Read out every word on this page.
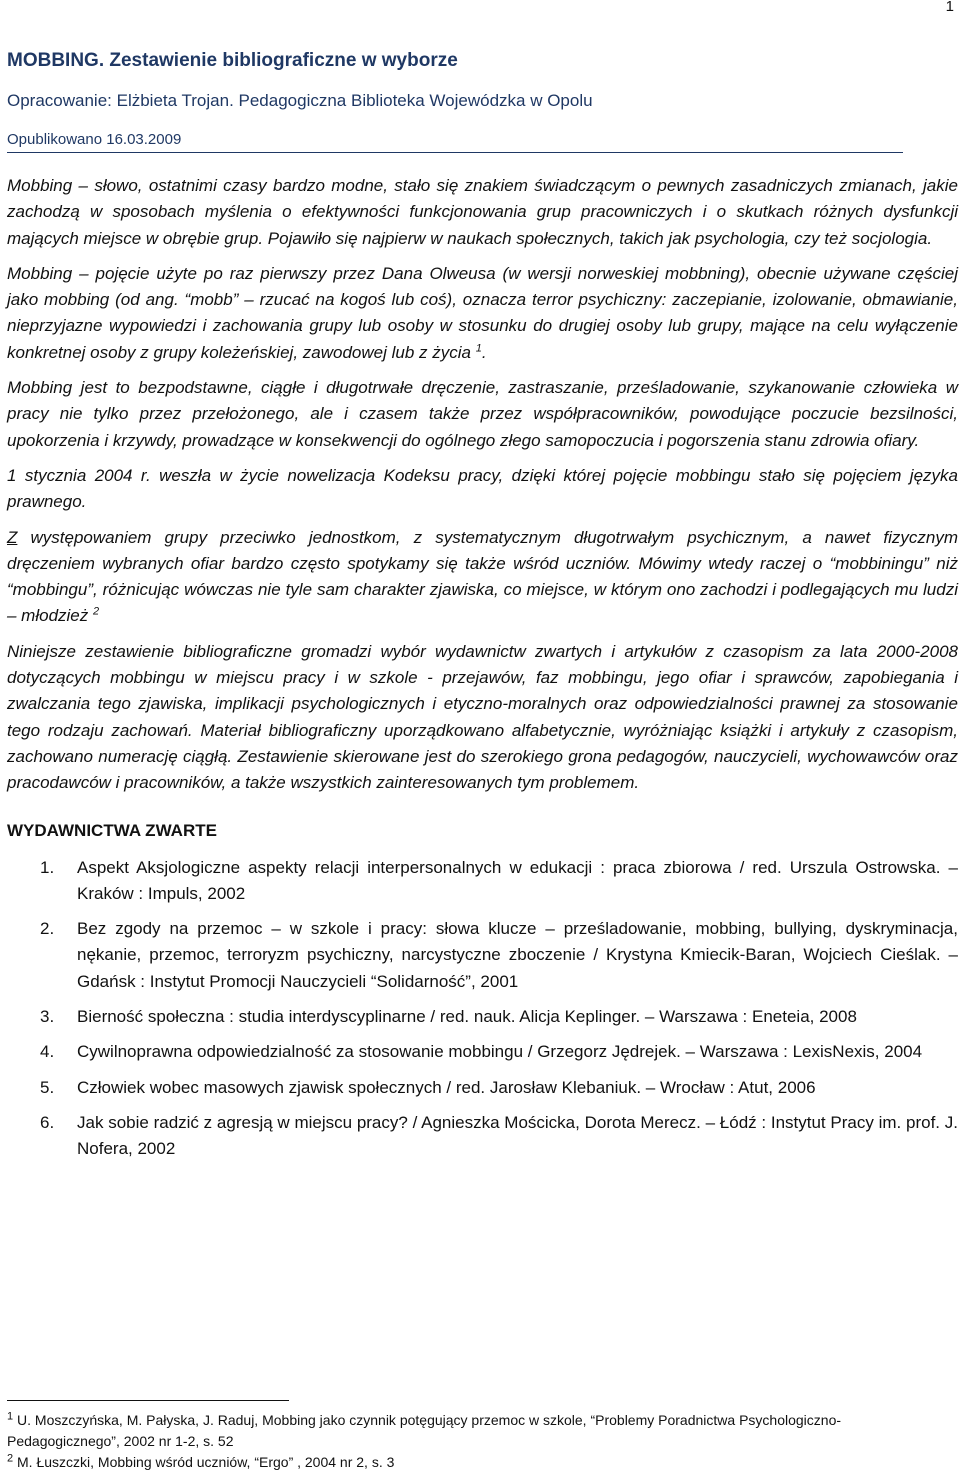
1
MOBBING. Zestawienie bibliograficzne w wyborze
Opracowanie: Elżbieta Trojan. Pedagogiczna Biblioteka Wojewódzka w Opolu
Opublikowano 16.03.2009

Mobbing – słowo, ostatnimi czasy bardzo modne, stało się znakiem świadczącym o pewnych zasadniczych zmianach, jakie zachodzą w sposobach myślenia o efektywności funkcjonowania grup pracowniczych i o skutkach różnych dysfunkcji mających miejsce w obrębie grup. Pojawiło się najpierw w naukach społecznych, takich jak psychologia, czy też socjologia.

Mobbing – pojęcie użyte po raz pierwszy przez Dana Olweusa (w wersji norweskiej mobbning), obecnie używane częściej jako mobbing (od ang. “mobb” – rzucać na kogoś lub coś), oznacza terror psychiczny: zaczepianie, izolowanie, obmawianie, nieprzyjazne wypowiedzi i zachowania grupy lub osoby w stosunku do drugiej osoby lub grupy, mające na celu wyłączenie konkretnej osoby z grupy koleżeńskiej, zawodowej lub z życia $^1$.

Mobbing jest to bezpodstawne, ciągłe i długotrwałe dręczenie, zastraszanie, prześladowanie, szykanowanie człowieka w pracy nie tylko przez przełożonego, ale i czasem także przez współpracowników, powodujące poczucie bezsilności, upokorzenia i krzywdy, prowadzące w konsekwencji do ogólnego złego samopoczucia i pogorszenia stanu zdrowia ofiary.

1 stycznia 2004 r. weszła w życie nowelizacja Kodeksu pracy, dzięki której pojęcie mobbingu stało się pojęciem języka prawnego.

Z występowaniem grupy przeciwko jednostkom, z systematycznym długotrwałym psychicznym, a nawet fizycznym dręczeniem wybranych ofiar bardzo często spotykamy się także wśród uczniów. Mówimy wtedy raczej o “mobbiningu” niż “mobbingu”, różnicując wówczas nie tyle sam charakter zjawiska, co miejsce, w którym ono zachodzi i podlegających mu ludzi – młodzież $^2$

Niniejsze zestawienie bibliograficzne gromadzi wybór wydawnictw zwartych i artykułów z czasopism za lata 2000-2008 dotyczących mobbingu w miejscu pracy i w szkole - przejawów, faz mobbingu, jego ofiar i sprawców, zapobiegania i zwalczania tego zjawiska, implikacji psychologicznych i etyczno-moralnych oraz odpowiedzialności prawnej za stosowanie tego rodzaju zachowań. Materiał bibliograficzny uporządkowano alfabetycznie, wyróżniając książki i artykuły z czasopism, zachowano numerację ciągłą. Zestawienie skierowane jest do szerokiego grona pedagogów, nauczycieli, wychowawców oraz pracodawców i pracowników, a także wszystkich zainteresowanych tym problemem.

WYDAWNICTWA ZWARTE
1. Aspekt Aksjologiczne aspekty relacji interpersonalnych w edukacji : praca zbiorowa / red. Urszula Ostrowska. – Kraków : Impuls, 2002
2. Bez zgody na przemoc – w szkole i pracy: słowa klucze – prześladowanie, mobbing, bullying, dyskryminacja, nękanie, przemoc, terroryzm psychiczny, narcystyczne zboczenie / Krystyna Kmiecik-Baran, Wojciech Cieślak. – Gdańsk : Instytut Promocji Nauczycieli “Solidarność”, 2001
3. Bierność społeczna : studia interdyscyplinarne / red. nauk. Alicja Keplinger. – Warszawa : Eneteia, 2008
4. Cywilnoprawna odpowiedzialność za stosowanie mobbingu / Grzegorz Jędrejek. – Warszawa : LexisNexis, 2004
5. Człowiek wobec masowych zjawisk społecznych / red. Jarosław Klebaniuk. – Wrocław : Atut, 2006
6. Jak sobie radzić z agresją w miejscu pracy? / Agnieszka Mościcka, Dorota Merecz. – Łódź : Instytut Pracy im. prof. J. Nofera, 2002

$^1$ U. Moszczyńska, M. Pałyska, J. Raduj, Mobbing jako czynnik potęgujący przemoc w szkole, “Problemy Poradnictwa Psychologiczno-Pedagogicznego”, 2002 nr 1-2, s. 52

$^2$ M. Łuszczki, Mobbing wśród uczniów, “Ergo” , 2004 nr 2, s. 3
